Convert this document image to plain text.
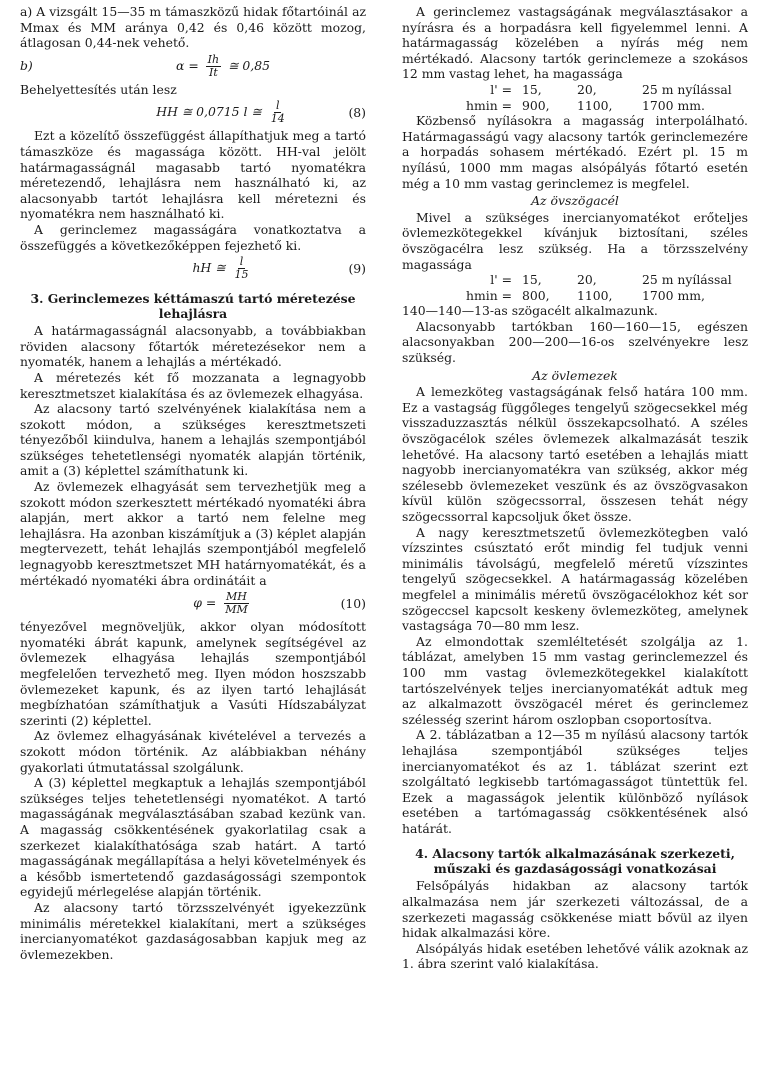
a) A vizsgált 15—35 m támaszközű hidak főtartóinál az Mmax és MM aránya 0,42 és 0,46 között mozog, átlagosan 0,44-nek vehető.

b)	$\alpha = \frac{Ih}{It}$ ≅ 0,85

Behelyettesítés után lesz

HH ≅ 0,0715 l ≅ $\frac{l}{14}$	(8)

Ezt a közelítő összefüggést állapíthatjuk meg a tartó támaszköze és magassága között. HH-val jelölt határmagasságnál magasabb tartó nyomatékra méretezendő, lehajlásra nem használható ki, az alacsonyabb tartót lehajlásra kell méretezni és nyomatékra nem használható ki.

A gerinclemez magasságára vonatkoztatva a összefüggés a következőképpen fejezhető ki.

hH ≅ $\frac{l}{15}$	(9)
3. Gerinclemezes kéttámaszú tartó méretezése lehajlásra

A határmagasságnál alacsonyabb, a továbbiakban röviden alacsony főtartók méretezésekor nem a nyomaték, hanem a lehajlás a mértékadó.

A méretezés két fő mozzanata a legnagyobb keresztmetszet kialakítása és az övlemezek elhagyása.

Az alacsony tartó szelvényének kialakítása nem a szokott módon, a szükséges keresztmetszeti tényezőből kiindulva, hanem a lehajlás szempontjából szükséges tehetetlenségi nyomaték alapján történik, amit a (3) képlettel számíthatunk ki.

Az övlemezek elhagyását sem tervezhetjük meg a szokott módon szerkesztett mértékadó nyomatéki ábra alapján, mert akkor a tartó nem felelne meg lehajlásra. Ha azonban kiszámítjuk a (3) képlet alapján megtervezett, tehát lehajlás szempontjából megfelelő legnagyobb keresztmetszet MH határnyomatékát, és a mértékadó nyomatéki ábra ordinátáit a

$\varphi = \frac{MH}{MM}$	(10)

tényezővel megnöveljük, akkor olyan módosított nyomatéki ábrát kapunk, amelynek segítségével az övlemezek elhagyása lehajlás szempontjából megfelelően tervezhető meg. Ilyen módon hoszszabb övlemezeket kapunk, és az ilyen tartó lehajlását megbízhatóan számíthatjuk a Vasúti Hídszabályzat szerinti (2) képlettel.

Az övlemez elhagyásának kivételével a tervezés a szokott módon történik. Az alábbiakban néhány gyakorlati útmutatással szolgálunk.

A (3) képlettel megkaptuk a lehajlás szempontjából szükséges teljes tehetetlenségi nyomatékot. A tartó magasságának megválasztásában szabad kezünk van. A magasság csökkentésének gyakorlatilag csak a szerkezet kialakíthatósága szab határt. A tartó magasságának megállapítása a helyi követelmények és a később ismertetendő gazdaságossági szempontok egyidejű mérlegelése alapján történik.

Az alacsony tartó törzsszelvényét igyekezzünk minimális méretekkel kialakítani, mert a szükséges inercianyomatékot gazdaságosabban kapjuk meg az övlemezekben.

A gerinclemez vastagságának megválasztásakor a nyírásra és a horpadásra kell figyelemmel lenni. A határmagasság közelében a nyírás még nem mértékadó. Alacsony tartók gerinclemeze a szokásos 12 mm vastag lehet, ha magassága

l' = 15,	20,	25 m nyílással
hmin = 900,	1100,	1700 mm.

Közbenső nyílásokra a magasság interpolálható. Határmagasságú vagy alacsony tartók gerinclemezére a horpadás sohasem mértékadó. Ezért pl. 15 m nyílású, 1000 mm magas alsópályás főtartó esetén még a 10 mm vastag gerinclemez is megfelel.

Az övszögacél

Mivel a szükséges inercianyomatékot erőteljes övlemezkötegekkel kívánjuk biztosítani, széles övszögacélra lesz szükség. Ha a törzsszelvény magassága

l' = 15,	20,	25 m nyílással
hmin = 800,	1100,	1700 mm,

140—140—13-as szögacélt alkalmazunk.

Alacsonyabb tartókban 160—160—15, egészen alacsonyakban 200—200—16-os szelvényekre lesz szükség.

Az övlemezek

A lemezköteg vastagságának felső határa 100 mm. Ez a vastagság függőleges tengelyű szögecsekkel még visszaduzzasztás nélkül összekapcsolható. A széles övszögacélok széles övlemezek alkalmazását teszik lehetővé. Ha alacsony tartó esetében a lehajlás miatt nagyobb inercianyomatékra van szükség, akkor még szélesebb övlemezeket veszünk és az övszögvasakon kívül külön szögecssorral, összesen tehát négy szögecssorral kapcsoljuk őket össze.

A nagy keresztmetszetű övlemezkötegben való vízszintes csúsztató erőt mindig fel tudjuk venni minimális távolságú, megfelelő méretű vízszintes tengelyű szögecsekkel. A határmagasság közelében megfelel a minimális méretű övszögacélokhoz két sor szögeccsel kapcsolt keskeny övlemezköteg, amelynek vastagsága 70—80 mm lesz.

Az elmondottak szemléltetését szolgálja az 1. táblázat, amelyben 15 mm vastag gerinclemezzel és 100 mm vastag övlemezkötegekkel kialakított tartószelvények teljes inercianyomatékát adtuk meg az alkalmazott övszögacél méret és gerinclemez szélesség szerint három oszlopban csoportosítva.

A 2. táblázatban a 12—35 m nyílású alacsony tartók lehajlása szempontjából szükséges teljes inercianyomatékot és az 1. táblázat szerint ezt szolgáltató legkisebb tartómagasságot tüntettük fel. Ezek a magasságok jelentik különböző nyílások esetében a tartómagasság csökkentésének alsó határát.

4. Alacsony tartók alkalmazásának szerkezeti, műszaki és gazdaságossági vonatkozásai

Felsőpályás hidakban az alacsony tartók alkalmazása nem jár szerkezeti változással, de a szerkezeti magasság csökkenése miatt bővül az ilyen hidak alkalmazási köre.

Alsópályás hidak esetében lehetővé válik azoknak az 1. ábra szerint való kialakítása.
